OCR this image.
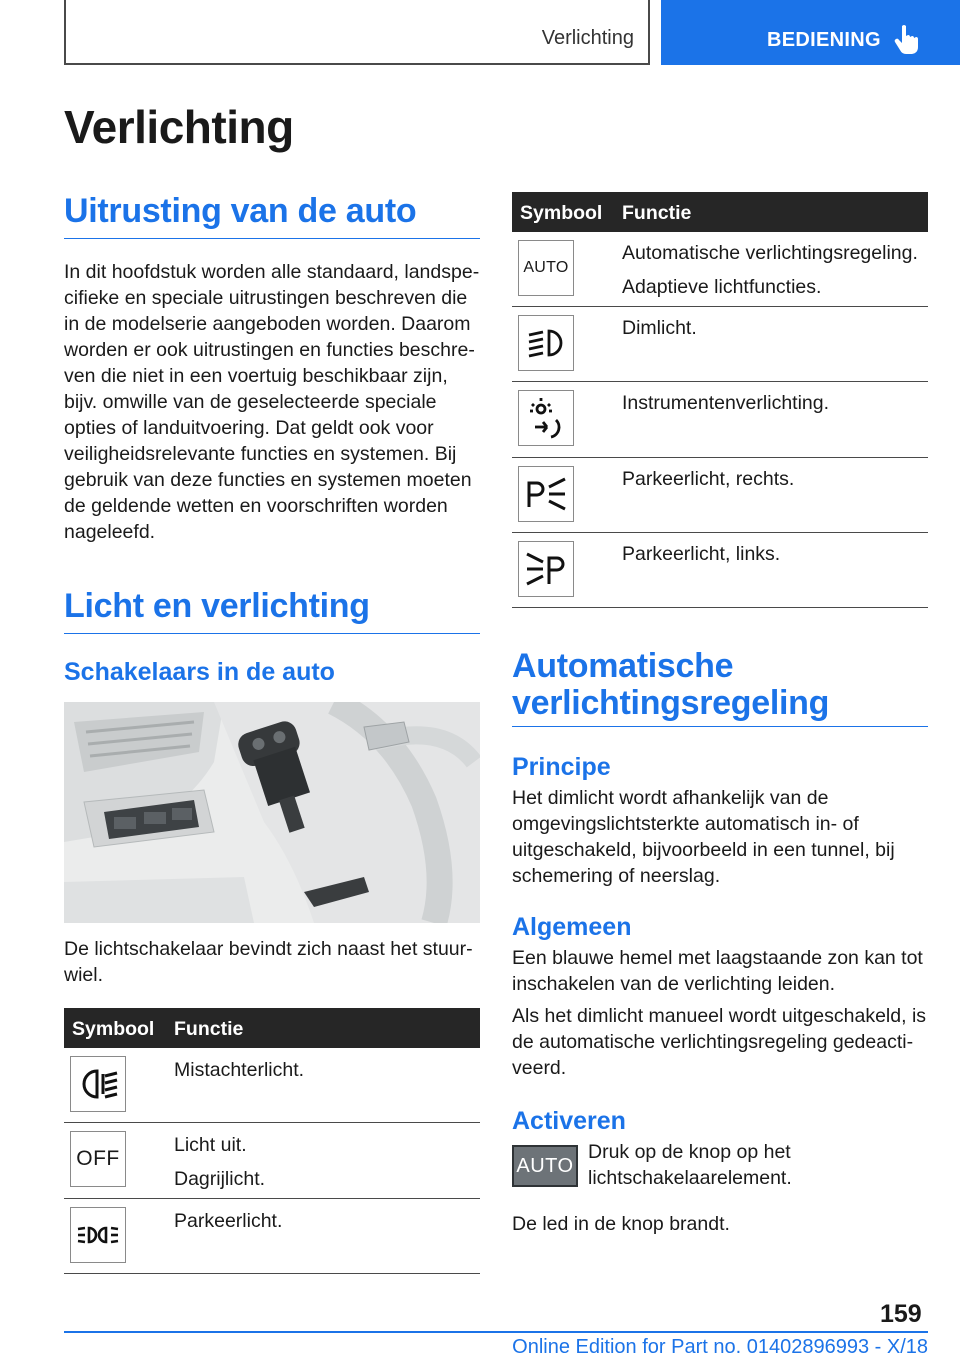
Verlichting	BEDIENING
Verlichting
Uitrusting van de auto

In dit hoofdstuk worden alle standaard, landspecifieke en speciale uitrustingen beschreven die in de modelserie aangeboden worden. Daarom worden er ook uitrustingen en functies beschreven die niet in een voertuig beschikbaar zijn, bijv. omwille van de geselecteerde speciale opties of landuitvoering. Dat geldt ook voor veiligheidsrelevante functies en systemen. Bij gebruik van deze functies en systemen moeten de geldende wetten en voorschriften worden nageleefd.

Licht en verlichting
Schakelaars in de auto

De lichtschakelaar bevindt zich naast het stuurwiel.

Symbool Functie

Mistachterlicht.

OFF

Licht uit.

Dagrijlicht.

Parkeerlicht.

Symbool Functie
AUTO

Automatische verlichtingsregeling.

Adaptieve lichtfuncties.

Dimlicht.

Instrumentenverlichting.

Parkeerlicht, rechts.

Parkeerlicht, links.

Automatische
verlichtingsregeling
Principe

Het dimlicht wordt afhankelijk van de omgevingslichtsterkte automatisch in- of uitgeschakeld, bijvoorbeeld in een tunnel, bij schemering of neerslag.

Algemeen

Een blauwe hemel met laagstaande zon kan tot inschakelen van de verlichting leiden.

Als het dimlicht manueel wordt uitgeschakeld, is de automatische verlichtingsregeling gedeactiveerd.

Activeren
AUTO

Druk op de knop op het lichtschakelaarelement.

De led in de knop brandt.

159
Online Edition for Part no. 01402896993 - X/18
